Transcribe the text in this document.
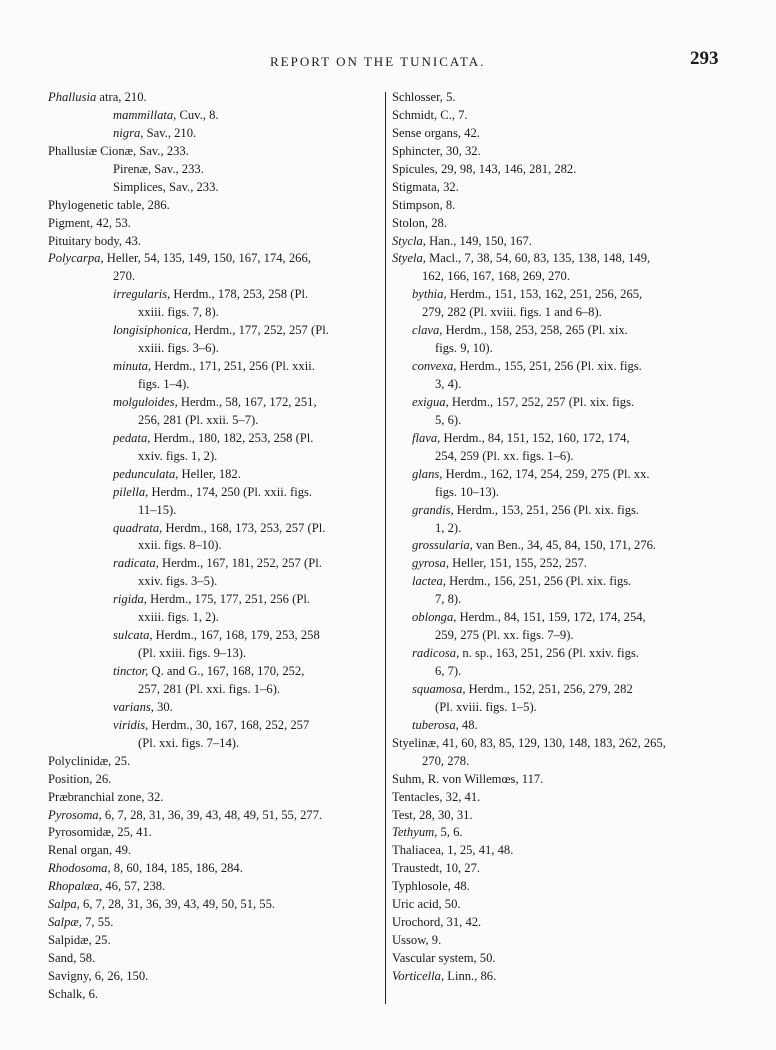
REPORT ON THE TUNICATA.	293
Phallusia atra, 210.
mammillata, Cuv., 8.
nigra, Sav., 210.
Phallusiæ Cionæ, Sav., 233.
Pirenæ, Sav., 233.
Simplices, Sav., 233.
Phylogenetic table, 286.
Pigment, 42, 53.
Pituitary body, 43.
Polycarpa, Heller, 54, 135, 149, 150, 167, 174, 266,
270.
irregularis, Herdm., 178, 253, 258 (Pl.
xxiii. figs. 7, 8).
longisiphonica, Herdm., 177, 252, 257 (Pl.
xxiii. figs. 3–6).
minuta, Herdm., 171, 251, 256 (Pl. xxii.
figs. 1–4).
molguloides, Herdm., 58, 167, 172, 251,
256, 281 (Pl. xxii. 5–7).
pedata, Herdm., 180, 182, 253, 258 (Pl.
xxiv. figs. 1, 2).
pedunculata, Heller, 182.
pilella, Herdm., 174, 250 (Pl. xxii. figs.
11–15).
quadrata, Herdm., 168, 173, 253, 257 (Pl.
xxii. figs. 8–10).
radicata, Herdm., 167, 181, 252, 257 (Pl.
xxiv. figs. 3–5).
rigida, Herdm., 175, 177, 251, 256 (Pl.
xxiii. figs. 1, 2).
sulcata, Herdm., 167, 168, 179, 253, 258
(Pl. xxiii. figs. 9–13).
tinctor, Q. and G., 167, 168, 170, 252,
257, 281 (Pl. xxi. figs. 1–6).
varians, 30.
viridis, Herdm., 30, 167, 168, 252, 257
(Pl. xxi. figs. 7–14).
Polyclinidæ, 25.
Position, 26.
Præbranchial zone, 32.
Pyrosoma, 6, 7, 28, 31, 36, 39, 43, 48, 49, 51, 55, 277.
Pyrosomidæ, 25, 41.
Renal organ, 49.
Rhodosoma, 8, 60, 184, 185, 186, 284.
Rhopalæa, 46, 57, 238.
Salpa, 6, 7, 28, 31, 36, 39, 43, 49, 50, 51, 55.
Salpæ, 7, 55.
Salpidæ, 25.
Sand, 58.
Savigny, 6, 26, 150.
Schalk, 6.
Schlosser, 5.
Schmidt, C., 7.
Sense organs, 42.
Sphincter, 30, 32.
Spicules, 29, 98, 143, 146, 281, 282.
Stigmata, 32.
Stimpson, 8.
Stolon, 28.
Stycla, Han., 149, 150, 167.
Styela, Macl., 7, 38, 54, 60, 83, 135, 138, 148, 149,
162, 166, 167, 168, 269, 270.
bythia, Herdm., 151, 153, 162, 251, 256, 265,
279, 282 (Pl. xviii. figs. 1 and 6–8).
clava, Herdm., 158, 253, 258, 265 (Pl. xix.
figs. 9, 10).
convexa, Herdm., 155, 251, 256 (Pl. xix. figs.
3, 4).
exigua, Herdm., 157, 252, 257 (Pl. xix. figs.
5, 6).
flava, Herdm., 84, 151, 152, 160, 172, 174,
254, 259 (Pl. xx. figs. 1–6).
glans, Herdm., 162, 174, 254, 259, 275 (Pl. xx.
figs. 10–13).
grandis, Herdm., 153, 251, 256 (Pl. xix. figs.
1, 2).
grossularia, van Ben., 34, 45, 84, 150, 171, 276.
gyrosa, Heller, 151, 155, 252, 257.
lactea, Herdm., 156, 251, 256 (Pl. xix. figs.
7, 8).
oblonga, Herdm., 84, 151, 159, 172, 174, 254,
259, 275 (Pl. xx. figs. 7–9).
radicosa, n. sp., 163, 251, 256 (Pl. xxiv. figs.
6, 7).
squamosa, Herdm., 152, 251, 256, 279, 282
(Pl. xviii. figs. 1–5).
tuberosa, 48.
Styelinæ, 41, 60, 83, 85, 129, 130, 148, 183, 262, 265,
270, 278.
Suhm, R. von Willemœs, 117.
Tentacles, 32, 41.
Test, 28, 30, 31.
Tethyum, 5, 6.
Thaliacea, 1, 25, 41, 48.
Traustedt, 10, 27.
Typhlosole, 48.
Uric acid, 50.
Urochord, 31, 42.
Ussow, 9.
Vascular system, 50.
Vorticella, Linn., 86.
